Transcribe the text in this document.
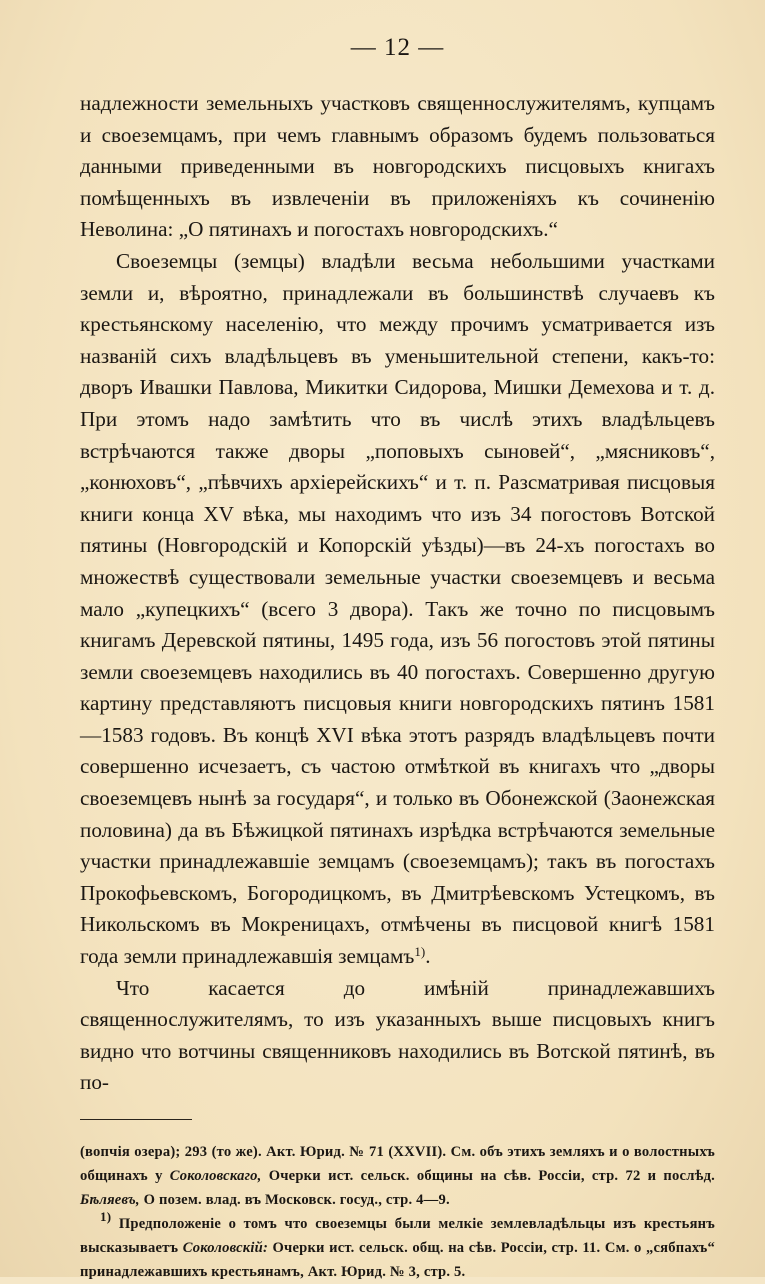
— 12 —

надлежности земельныхъ участковъ священнослужителямъ, купцамъ и своеземцамъ, при чемъ главнымъ образомъ будемъ пользоваться данными приведенными въ новгородскихъ писцовыхъ книгахъ помѣщенныхъ въ извлеченіи въ приложеніяхъ къ сочиненію Неволина: „О пятинахъ и погостахъ новгородскихъ.“

Своеземцы (земцы) владѣли весьма небольшими участками земли и, вѣроятно, принадлежали въ большинствѣ случаевъ къ крестьянскому населенію, что между прочимъ усматривается изъ названій сихъ владѣльцевъ въ уменьшительной степени, какъ-то: дворъ Ивашки Павлова, Микитки Сидорова, Мишки Демехова и т. д. При этомъ надо замѣтить что въ числѣ этихъ владѣльцевъ встрѣчаются также дворы „поповыхъ сыновей“, „мясниковъ“, „конюховъ“, „пѣвчихъ архіерейскихъ“ и т. п. Разсматривая писцовыя книги конца XV вѣка, мы находимъ что изъ 34 погостовъ Вотской пятины (Новгородскій и Копорскій уѣзды)—въ 24-хъ погостахъ во множествѣ существовали земельные участки своеземцевъ и весьма мало „купецкихъ“ (всего 3 двора). Такъ же точно по писцовымъ книгамъ Деревской пятины, 1495 года, изъ 56 погостовъ этой пятины земли своеземцевъ находились въ 40 погостахъ. Совершенно другую картину представляютъ писцовыя книги новгородскихъ пятинъ 1581—1583 годовъ. Въ концѣ XVI вѣка этотъ разрядъ владѣльцевъ почти совершенно исчезаетъ, съ частою отмѣткой въ книгахъ что „дворы своеземцевъ нынѣ за государя“, и только въ Обонежской (Заонежская половина) да въ Бѣжицкой пятинахъ изрѣдка встрѣчаются земельные участки принадлежавшіе земцамъ (своеземцамъ); такъ въ погостахъ Прокофьевскомъ, Богородицкомъ, въ Дмитрѣевскомъ Устецкомъ, въ Никольскомъ въ Мокреницахъ, отмѣчены въ писцовой книгѣ 1581 года земли принадлежавшія земцамъ$^{1)}$.

Что касается до имѣній принадлежавшихъ священнослужителямъ, то изъ указанныхъ выше писцовыхъ книгъ видно что вотчины священниковъ находились въ Вотской пятинѣ, въ по-

(вопчія озера); 293 (то же). Акт. Юрид. № 71 (XXVII). См. объ этихъ земляхъ и о волостныхъ общинахъ у Соколовскаго, Очерки ист. сельск. общины на сѣв. Россіи, стр. 72 и послѣд. Бѣляевъ, О позем. влад. въ Московск. госуд., стр. 4—9.

$^{1)}$ Предположеніе о томъ что своеземцы были мелкіе землевладѣльцы изъ крестьянъ высказываетъ Соколовскій: Очерки ист. сельск. общ. на сѣв. Россіи, стр. 11. См. о „сябпахъ“ принадлежавшихъ крестьянамъ, Акт. Юрид. № 3, стр. 5.
